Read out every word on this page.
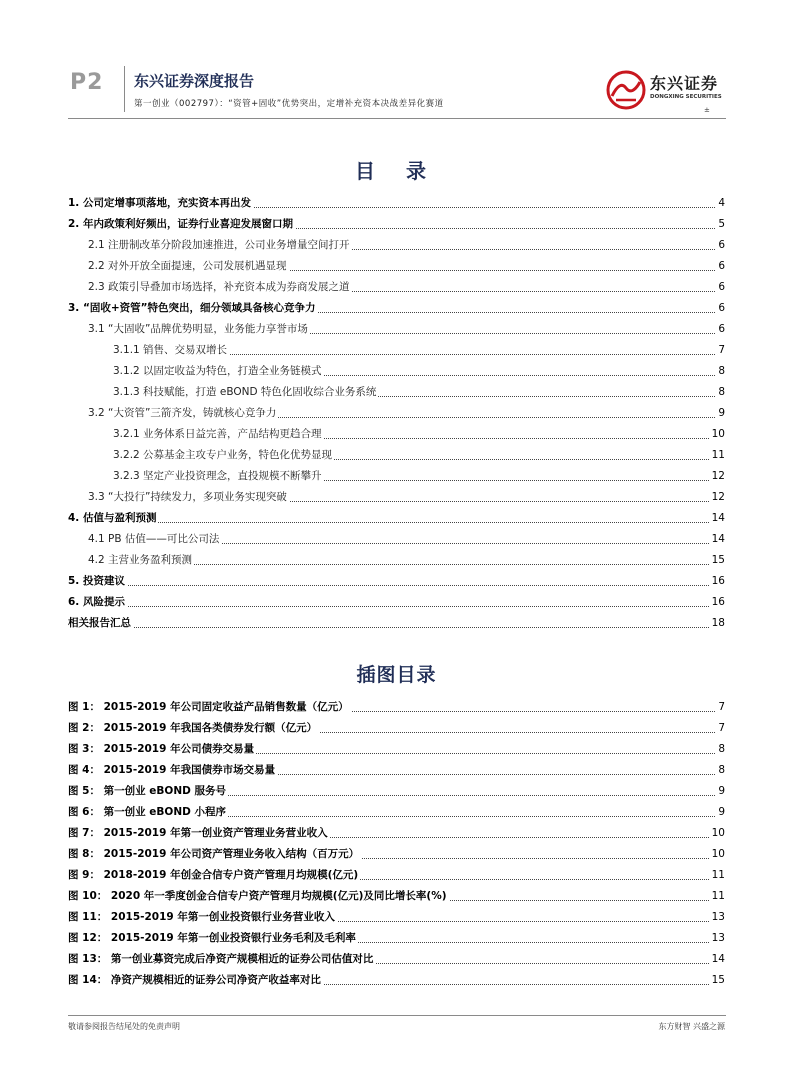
P2 东兴证券深度报告
第一创业（002797）：“资管+固收”优势突出，定增补充资本决战差异化赛道
东兴证券
DONGXING SECURITIES
±
目 录
1. 公司定增事项落地，充实资本再出发	4
2. 年内政策利好频出，证券行业喜迎发展窗口期	5
2.1 注册制改革分阶段加速推进，公司业务增量空间打开	6
2.2 对外开放全面提速，公司发展机遇显现	6
2.3 政策引导叠加市场选择，补充资本成为券商发展之道	6
3. “固收+资管”特色突出，细分领域具备核心竞争力	6
3.1 “大固收”品牌优势明显，业务能力享誉市场	6
3.1.1 销售、交易双增长	7
3.1.2 以固定收益为特色，打造全业务链模式	8
3.1.3 科技赋能，打造 eBOND 特色化固收综合业务系统	8
3.2 “大资管”三箭齐发，铸就核心竞争力	9
3.2.1 业务体系日益完善，产品结构更趋合理	10
3.2.2 公募基金主攻专户业务，特色化优势显现	11
3.2.3 坚定产业投资理念，直投规模不断攀升	12
3.3 “大投行”持续发力，多项业务实现突破	12
4. 估值与盈利预测	14
4.1 PB 估值——可比公司法	14
4.2 主营业务盈利预测	15
5. 投资建议	16
6. 风险提示	16
相关报告汇总	18
插图目录
图 1： 2015-2019 年公司固定收益产品销售数量（亿元）	7
图 2： 2015-2019 年我国各类债券发行额（亿元）	7
图 3： 2015-2019 年公司债券交易量	8
图 4： 2015-2019 年我国债券市场交易量	8
图 5： 第一创业 eBOND 服务号	9
图 6： 第一创业 eBOND 小程序	9
图 7： 2015-2019 年第一创业资产管理业务营业收入	10
图 8： 2015-2019 年公司资产管理业务收入结构（百万元）	10
图 9： 2018-2019 年创金合信专户资产管理月均规模(亿元)	11
图 10： 2020 年一季度创金合信专户资产管理月均规模(亿元)及同比增长率(%)	11
图 11： 2015-2019 年第一创业投资银行业务营业收入	13
图 12： 2015-2019 年第一创业投资银行业务毛利及毛利率	13
图 13： 第一创业募资完成后净资产规模相近的证券公司估值对比	14
图 14： 净资产规模相近的证券公司净资产收益率对比	15
敬请参阅报告结尾处的免责声明	东方财智 兴盛之源
